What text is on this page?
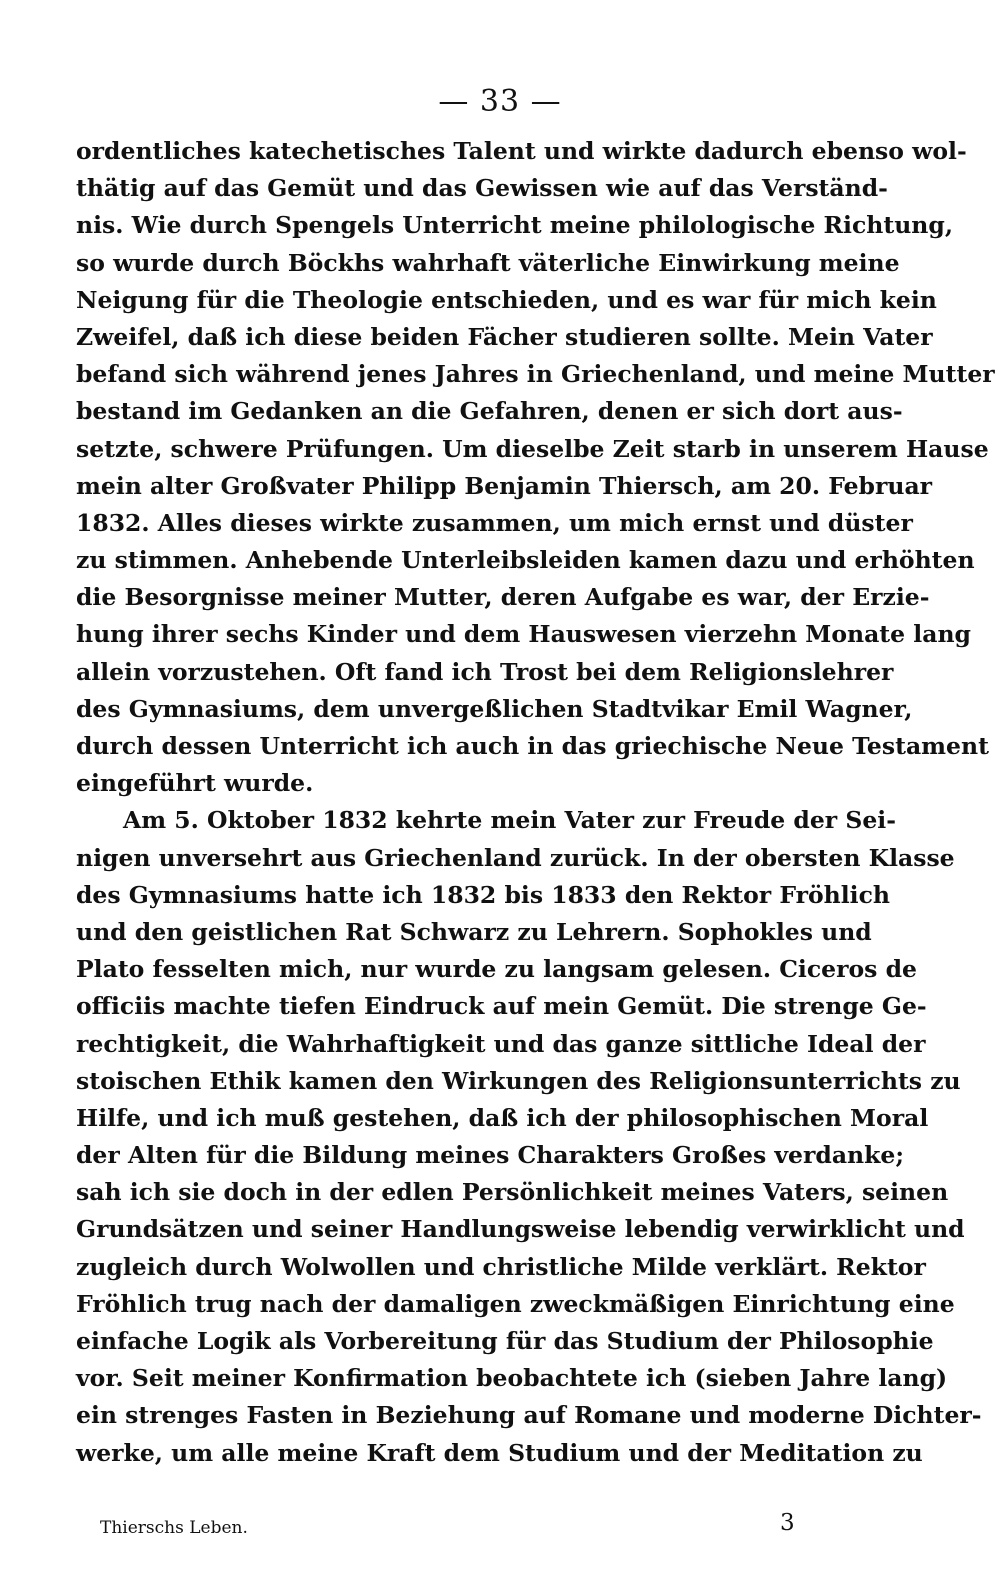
— 33 —
ordentliches katechetisches Talent und wirkte dadurch ebenso wol-
thätig auf das Gemüt und das Gewissen wie auf das Verständ-
nis. Wie durch Spengels Unterricht meine philologische Richtung,
so wurde durch Böckhs wahrhaft väterliche Einwirkung meine
Neigung für die Theologie entschieden, und es war für mich kein
Zweifel, daß ich diese beiden Fächer studieren sollte. Mein Vater
befand sich während jenes Jahres in Griechenland, und meine Mutter
bestand im Gedanken an die Gefahren, denen er sich dort aus-
setzte, schwere Prüfungen. Um dieselbe Zeit starb in unserem Hause
mein alter Großvater Philipp Benjamin Thiersch, am 20. Februar
1832. Alles dieses wirkte zusammen, um mich ernst und düster
zu stimmen. Anhebende Unterleibsleiden kamen dazu und erhöhten
die Besorgnisse meiner Mutter, deren Aufgabe es war, der Erzie-
hung ihrer sechs Kinder und dem Hauswesen vierzehn Monate lang
allein vorzustehen. Oft fand ich Trost bei dem Religionslehrer
des Gymnasiums, dem unvergeßlichen Stadtvikar Emil Wagner,
durch dessen Unterricht ich auch in das griechische Neue Testament
eingeführt wurde.
Am 5. Oktober 1832 kehrte mein Vater zur Freude der Sei-
nigen unversehrt aus Griechenland zurück. In der obersten Klasse
des Gymnasiums hatte ich 1832 bis 1833 den Rektor Fröhlich
und den geistlichen Rat Schwarz zu Lehrern. Sophokles und
Plato fesselten mich, nur wurde zu langsam gelesen. Ciceros de
officiis machte tiefen Eindruck auf mein Gemüt. Die strenge Ge-
rechtigkeit, die Wahrhaftigkeit und das ganze sittliche Ideal der
stoischen Ethik kamen den Wirkungen des Religionsunterrichts zu
Hilfe, und ich muß gestehen, daß ich der philosophischen Moral
der Alten für die Bildung meines Charakters Großes verdanke;
sah ich sie doch in der edlen Persönlichkeit meines Vaters, seinen
Grundsätzen und seiner Handlungsweise lebendig verwirklicht und
zugleich durch Wolwollen und christliche Milde verklärt. Rektor
Fröhlich trug nach der damaligen zweckmäßigen Einrichtung eine
einfache Logik als Vorbereitung für das Studium der Philosophie
vor. Seit meiner Konfirmation beobachtete ich (sieben Jahre lang)
ein strenges Fasten in Beziehung auf Romane und moderne Dichter-
werke, um alle meine Kraft dem Studium und der Meditation zu
Thierschs Leben.	3
